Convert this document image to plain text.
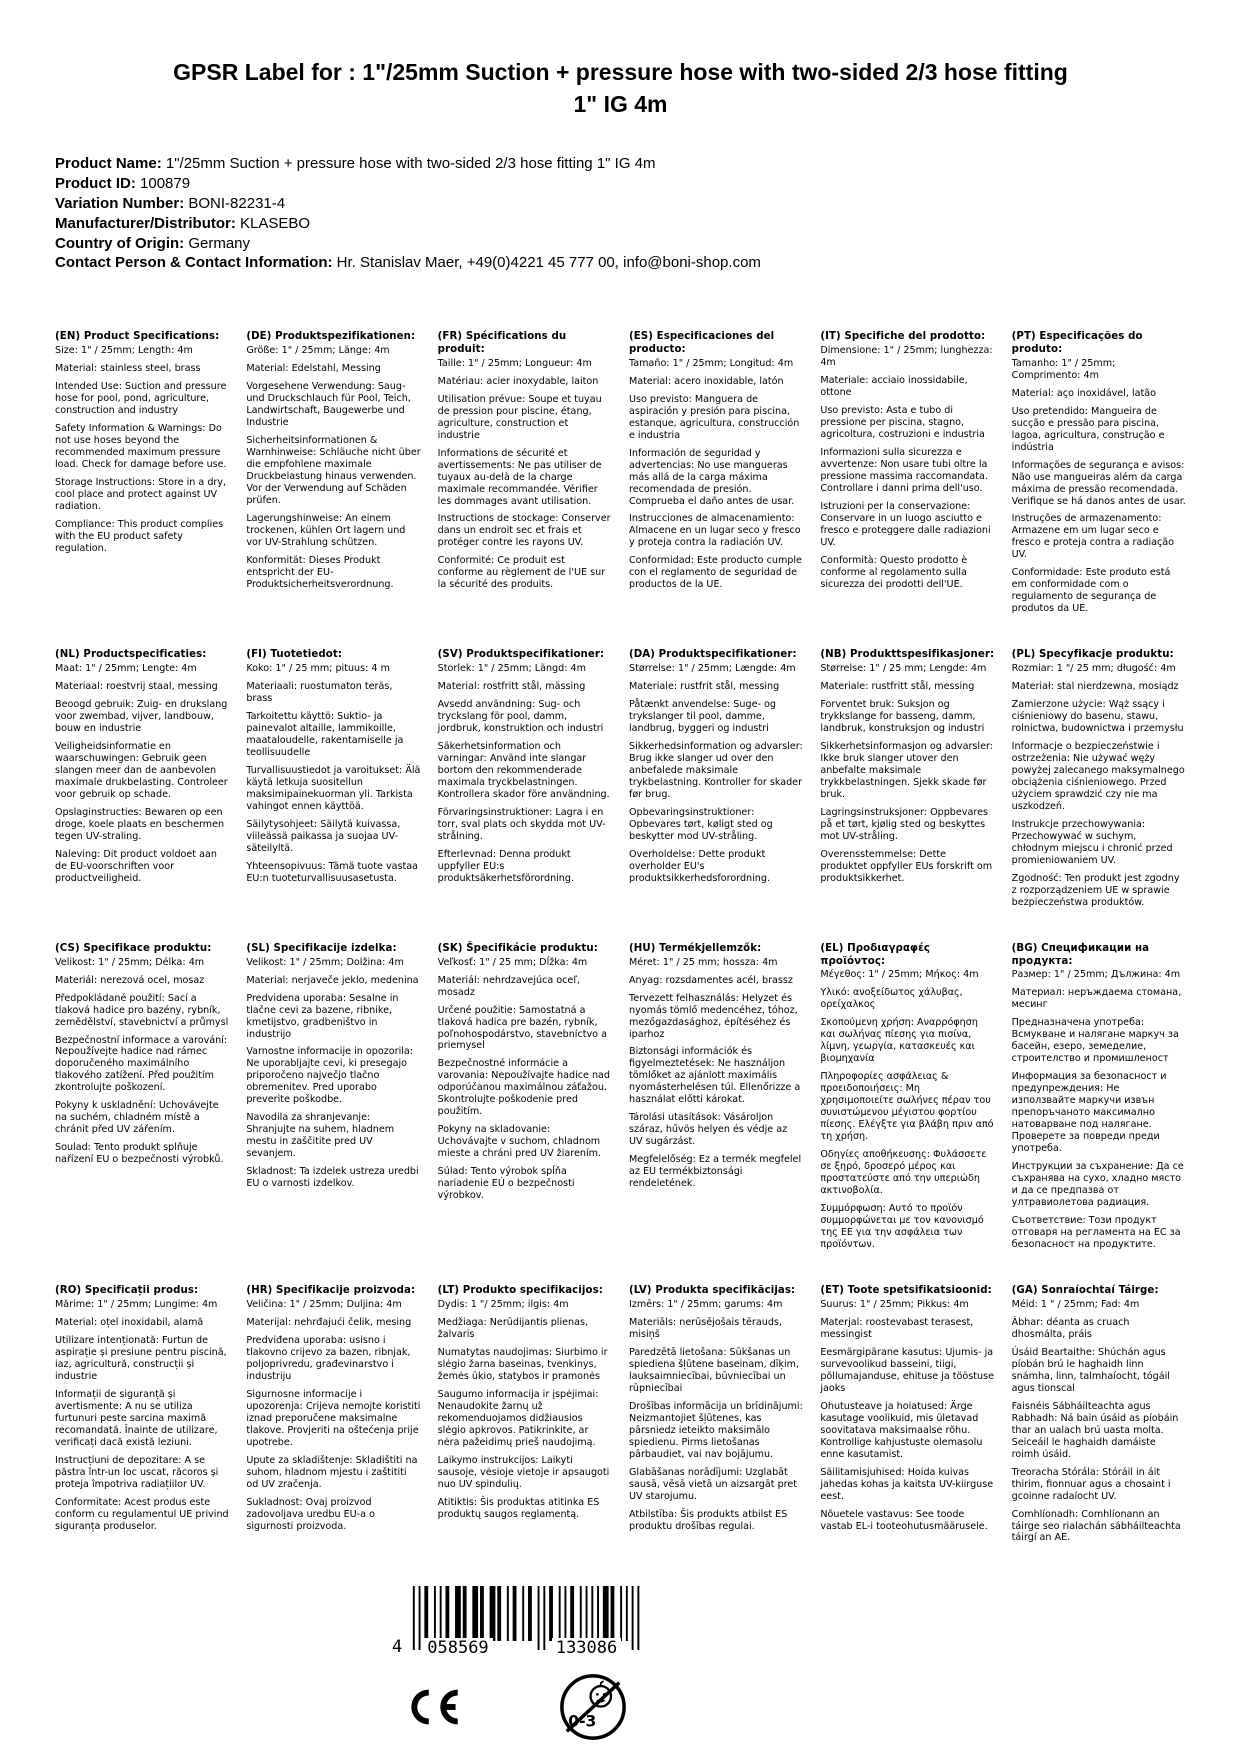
GPSR Label for : 1"/25mm Suction + pressure hose with two-sided 2/3 hose fitting 1" IG 4m
Product Name: 1"/25mm Suction + pressure hose with two-sided 2/3 hose fitting 1" IG 4m
Product ID: 100879
Variation Number: BONI-82231-4
Manufacturer/Distributor: KLASEBO
Country of Origin: Germany
Contact Person & Contact Information: Hr. Stanislav Maer, +49(0)4221 45 777 00, info@boni-shop.com
(EN) Product Specifications:

Size: 1" / 25mm; Length: 4m

Material: stainless steel, brass

Intended Use: Suction and pressure hose for pool, pond, agriculture, construction and industry

Safety Information & Warnings: Do not use hoses beyond the recommended maximum pressure load. Check for damage before use.

Storage Instructions: Store in a dry, cool place and protect against UV radiation.

Compliance: This product complies with the EU product safety regulation.

(DE) Produktspezifikationen:

Größe: 1" / 25mm; Länge: 4m

Material: Edelstahl, Messing

Vorgesehene Verwendung: Saug- und Druckschlauch für Pool, Teich, Landwirtschaft, Baugewerbe und Industrie

Sicherheitsinformationen & Warnhinweise: Schläuche nicht über die empfohlene maximale Druckbelastung hinaus verwenden. Vor der Verwendung auf Schäden prüfen.

Lagerungshinweise: An einem trockenen, kühlen Ort lagern und vor UV-Strahlung schützen.

Konformität: Dieses Produkt entspricht der EU-Produktsicherheitsverordnung.

(FR) Spécifications du produit:

Taille: 1" / 25mm; Longueur: 4m

Matériau: acier inoxydable, laiton

Utilisation prévue: Soupe et tuyau de pression pour piscine, étang, agriculture, construction et industrie

Informations de sécurité et avertissements: Ne pas utiliser de tuyaux au-delà de la charge maximale recommandée. Vérifier les dommages avant utilisation.

Instructions de stockage: Conserver dans un endroit sec et frais et protéger contre les rayons UV.

Conformité: Ce produit est conforme au règlement de l'UE sur la sécurité des produits.

(ES) Especificaciones del producto:

Tamaño: 1" / 25mm; Longitud: 4m

Material: acero inoxidable, latón

Uso previsto: Manguera de aspiración y presión para piscina, estanque, agricultura, construcción e industria

Información de seguridad y advertencias: No use mangueras más allá de la carga máxima recomendada de presión. Comprueba el daño antes de usar.

Instrucciones de almacenamiento: Almacene en un lugar seco y fresco y proteja contra la radiación UV.

Conformidad: Este producto cumple con el reglamento de seguridad de productos de la UE.

(IT) Specifiche del prodotto:

Dimensione: 1" / 25mm; lunghezza: 4m

Materiale: acciaio inossidabile, ottone

Uso previsto: Asta e tubo di pressione per piscina, stagno, agricoltura, costruzioni e industria

Informazioni sulla sicurezza e avvertenze: Non usare tubi oltre la pressione massima raccomandata. Controllare i danni prima dell'uso.

Istruzioni per la conservazione: Conservare in un luogo asciutto e fresco e proteggere dalle radiazioni UV.

Conformità: Questo prodotto è conforme al regolamento sulla sicurezza dei prodotti dell'UE.

(PT) Especificações do produto:

Tamanho: 1" / 25mm; Comprimento: 4m

Material: aço inoxidável, latão

Uso pretendido: Mangueira de sucção e pressão para piscina, lagoa, agricultura, construção e indústria

Informações de segurança e avisos: Não use mangueiras além da carga máxima de pressão recomendada. Verifique se há danos antes de usar.

Instruções de armazenamento: Armazene em um lugar seco e fresco e proteja contra a radiação UV.

Conformidade: Este produto está em conformidade com o regulamento de segurança de produtos da UE.

(NL) Productspecificaties:

Maat: 1" / 25mm; Lengte: 4m

Materiaal: roestvrij staal, messing

Beoogd gebruik: Zuig- en drukslang voor zwembad, vijver, landbouw, bouw en industrie

Veiligheidsinformatie en waarschuwingen: Gebruik geen slangen meer dan de aanbevolen maximale drukbelasting. Controleer voor gebruik op schade.

Opslaginstructies: Bewaren op een droge, koele plaats en beschermen tegen UV-straling.

Naleving: Dit product voldoet aan de EU-voorschriften voor productveiligheid.

(FI) Tuotetiedot:

Koko: 1" / 25 mm; pituus: 4 m

Materiaali: ruostumaton teräs, brass

Tarkoitettu käyttö: Suktio- ja painevalot altaille, lammikoille, maataloudelle, rakentamiselle ja teollisuudelle

Turvallisuustiedot ja varoitukset: Älä käytä letkuja suositellun maksimipainekuorman yli. Tarkista vahingot ennen käyttöä.

Säilytysohjeet: Säilytä kuivassa, viileässä paikassa ja suojaa UV-säteilyltä.

Yhteensopivuus: Tämä tuote vastaa EU:n tuoteturvallisuusasetusta.

(SV) Produktspecifikationer:

Storlek: 1" / 25mm; Längd: 4m

Material: rostfritt stål, mässing

Avsedd användning: Sug- och tryckslang för pool, damm, jordbruk, konstruktion och industri

Säkerhetsinformation och varningar: Använd inte slangar bortom den rekommenderade maximala tryckbelastningen. Kontrollera skador före användning.

Förvaringsinstruktioner: Lagra i en torr, sval plats och skydda mot UV-strålning.

Efterlevnad: Denna produkt uppfyller EU:s produktsäkerhetsförordning.

(DA) Produktspecifikationer:

Størrelse: 1" / 25mm; Længde: 4m

Materiale: rustfrit stål, messing

Påtænkt anvendelse: Suge- og trykslanger til pool, damme, landbrug, byggeri og industri

Sikkerhedsinformation og advarsler: Brug ikke slanger ud over den anbefalede maksimale trykbelastning. Kontroller for skader før brug.

Opbevaringsinstruktioner: Opbevares tørt, køligt sted og beskytter mod UV-stråling.

Overholdelse: Dette produkt overholder EU's produktsikkerhedsforordning.

(NB) Produkttspesifikasjoner:

Størrelse: 1" / 25 mm; Lengde: 4m

Materiale: rustfritt stål, messing

Forventet bruk: Suksjon og trykkslange for basseng, damm, landbruk, konstruksjon og industri

Sikkerhetsinformasjon og advarsler: Ikke bruk slanger utover den anbefalte maksimale trykkbelastningen. Sjekk skade før bruk.

Lagringsinstruksjoner: Oppbevares på et tørt, kjølig sted og beskyttes mot UV-stråling.

Overensstemmelse: Dette produktet oppfyller EUs forskrift om produktsikkerhet.

(PL) Specyfikacje produktu:

Rozmiar: 1 "/ 25 mm; długość: 4m

Materiał: stal nierdzewna, mosiądz

Zamierzone użycie: Wąż ssący i ciśnieniowy do basenu, stawu, rolnictwa, budownictwa i przemysłu

Informacje o bezpieczeństwie i ostrzeżenia: Nie używać węży powyżej zalecanego maksymalnego obciążenia ciśnieniowego. Przed użyciem sprawdzić czy nie ma uszkodzeń.

Instrukcje przechowywania: Przechowywać w suchym, chłodnym miejscu i chronić przed promieniowaniem UV.

Zgodność: Ten produkt jest zgodny z rozporządzeniem UE w sprawie bezpieczeństwa produktów.

(CS) Specifikace produktu:

Velikost: 1" / 25mm; Délka: 4m

Materiál: nerezová ocel, mosaz

Předpokládané použití: Sací a tlaková hadice pro bazény, rybník, zemědělství, stavebnictví a průmysl

Bezpečnostní informace a varování: Nepoužívejte hadice nad rámec doporučeného maximálního tlakového zatížení. Před použitím zkontrolujte poškození.

Pokyny k uskladnění: Uchovávejte na suchém, chladném místě a chránit před UV zářením.

Soulad: Tento produkt splňuje nařízení EU o bezpečnosti výrobků.

(SL) Specifikacije izdelka:

Velikost: 1" / 25mm; Dolžina: 4m

Material: nerjaveče jeklo, medenina

Predvidena uporaba: Sesalne in tlačne cevi za bazene, ribnike, kmetijstvo, gradbeništvo in industrijo

Varnostne informacije in opozorila: Ne uporabljajte cevi, ki presegajo priporočeno največjo tlačno obremenitev. Pred uporabo preverite poškodbe.

Navodila za shranjevanje: Shranjujte na suhem, hladnem mestu in zaščitite pred UV sevanjem.

Skladnost: Ta izdelek ustreza uredbi EU o varnosti izdelkov.

(SK) Špecifikácie produktu:

Veľkosť: 1" / 25 mm; Dĺžka: 4m

Materiál: nehrdzavejúca oceľ, mosadz

Určené použitie: Samostatná a tlaková hadica pre bazén, rybník, poľnohospodárstvo, stavebníctvo a priemysel

Bezpečnostné informácie a varovania: Nepoužívajte hadice nad odporúčanou maximálnou záťažou. Skontrolujte poškodenie pred použitím.

Pokyny na skladovanie: Uchovávajte v suchom, chladnom mieste a chráni pred UV žiarením.

Súlad: Tento výrobok spĺňa nariadenie EÚ o bezpečnosti výrobkov.

(HU) Termékjellemzők:

Méret: 1" / 25 mm; hossza: 4m

Anyag: rozsdamentes acél, brassz

Tervezett felhasználás: Helyzet és nyomás tömlő medencéhez, tóhoz, mezőgazdasághoz, építéséhez és iparhoz

Biztonsági információk és figyelmeztetések: Ne használjon tömlőket az ajánlott maximális nyomásterhelésen túl. Ellenőrizze a használat előtti károkat.

Tárolási utasítások: Vásároljon száraz, hűvös helyen és védje az UV sugárzást.

Megfelelőség: Ez a termék megfelel az EU termékbiztonsági rendeletének.

(EL) Προδιαγραφές προϊόντος:

Μέγεθος: 1" / 25mm; Μήκος: 4m

Υλικό: ανοξείδωτος χάλυβας, ορείχαλκος

Σκοπούμενη χρήση: Αναρρόφηση και σωλήνας πίεσης για πισίνα, λίμνη, γεωργία, κατασκευές και βιομηχανία

Πληροφορίες ασφάλειας & προειδοποιήσεις: Μη χρησιμοποιείτε σωλήνες πέραν του συνιστώμενου μέγιστου φορτίου πίεσης. Ελέγξτε για βλάβη πριν από τη χρήση.

Οδηγίες αποθήκευσης: Φυλάσσετε σε ξηρό, δροσερό μέρος και προστατεύστε από την υπεριώδη ακτινοβολία.

Συμμόρφωση: Αυτό το προϊόν συμμορφώνεται με τον κανονισμό της ΕΕ για την ασφάλεια των προϊόντων.

(BG) Спецификации на продукта:

Размер: 1" / 25mm; Дължина: 4m

Материал: неръждаема стомана, месинг

Предназначена употреба: Всмукване и налягане маркуч за басейн, езеро, земеделие, строителство и промишленост

Информация за безопасност и предупреждения: Не използвайте маркучи извън препоръчаното максимално натоварване под налягане. Проверете за повреди преди употреба.

Инструкции за съхранение: Да се съхранява на сухо, хладно място и да се предпазва от ултравиолетова радиация.

Съответствие: Този продукт отговаря на регламента на ЕС за безопасност на продуктите.

(RO) Specificații produs:

Mărime: 1" / 25mm; Lungime: 4m

Material: oțel inoxidabil, alamă

Utilizare intenționată: Furtun de aspirație și presiune pentru piscină, iaz, agricultură, construcții și industrie

Informații de siguranță și avertismente: A nu se utiliza furtunuri peste sarcina maximă recomandată. Înainte de utilizare, verificați dacă există leziuni.

Instrucțiuni de depozitare: A se păstra într-un loc uscat, răcoros și proteja împotriva radiațiilor UV.

Conformitate: Acest produs este conform cu regulamentul UE privind siguranța produselor.

(HR) Specifikacije proizvoda:

Veličina: 1" / 25mm; Duljina: 4m

Materijal: nehrđajući čelik, mesing

Predviđena uporaba: usisno i tlakovno crijevo za bazen, ribnjak, poljoprivredu, građevinarstvo i industriju

Sigurnosne informacije i upozorenja: Crijeva nemojte koristiti iznad preporučene maksimalne tlakove. Provjeriti na oštećenja prije upotrebe.

Upute za skladištenje: Skladištiti na suhom, hladnom mjestu i zaštititi od UV zračenja.

Sukladnost: Ovaj proizvod zadovoljava uredbu EU-a o sigurnosti proizvoda.

(LT) Produkto specifikacijos:

Dydis: 1 "/ 25mm; ilgis: 4m

Medžiaga: Nerūdijantis plienas, žalvaris

Numatytas naudojimas: Siurbimo ir slėgio žarna baseinas, tvenkinys, žemės ūkio, statybos ir pramonės

Saugumo informacija ir įspėjimai: Nenaudokite žarnų už rekomenduojamos didžiausios slėgio apkrovos. Patikrinkite, ar nėra pažeidimų prieš naudojimą.

Laikymo instrukcijos: Laikyti sausoje, vėsioje vietoje ir apsaugoti nuo UV spindulių.

Atitiktis: Šis produktas atitinka ES produktų saugos reglamentą.

(LV) Produkta specifikācijas:

Izmērs: 1" / 25mm; garums: 4m

Materiāls: nerūsējošais tērauds, misiņš

Paredzētā lietošana: Sūkšanas un spiediena šļūtene baseinam, dīķim, lauksaimniecībai, būvniecībai un rūpniecībai

Drošības informācija un brīdinājumi: Neizmantojiet šļūtenes, kas pārsniedz ieteikto maksimālo spiedienu. Pirms lietošanas pārbaudiet, vai nav bojājumu.

Glabāšanas norādījumi: Uzglabāt sausā, vēsā vietā un aizsargāt pret UV starojumu.

Atbilstība: Šis produkts atbilst ES produktu drošības regulai.

(ET) Toote spetsifikatsioonid:

Suurus: 1" / 25mm; Pikkus: 4m

Materjal: roostevabast terasest, messingist

Eesmärgipärane kasutus: Ujumis- ja survevoolikud basseini, tiigi, põllumajanduse, ehituse ja tööstuse jaoks

Ohutusteave ja hoiatused: Ärge kasutage voolikuid, mis ületavad soovitatava maksimaalse rõhu. Kontrollige kahjustuste olemasolu enne kasutamist.

Säilitamisjuhised: Hoida kuivas jahedas kohas ja kaitsta UV-kiirguse eest.

Nõuetele vastavus: See toode vastab EL-i tooteohutusmäärusele.

(GA) Sonraíochtaí Táirge:

Méid: 1 " / 25mm; Fad: 4m

Ábhar: déanta as cruach dhosmálta, práis

Úsáid Beartaithe: Shúchán agus píobán brú le haghaidh linn snámha, linn, talmhaíocht, tógáil agus tionscal

Faisnéis Sábháilteachta agus Rabhadh: Ná bain úsáid as píobáin thar an ualach brú uasta molta. Seiceáil le haghaidh damáiste roimh úsáid.

Treoracha Stórála: Stóráil in áit thirim, fionnuar agus a chosaint i gcoinne radaíocht UV.

Comhlíonadh: Comhlíonann an táirge seo rialachán sábháilteachta táirgí an AE.

4 058569	133086
0-3
